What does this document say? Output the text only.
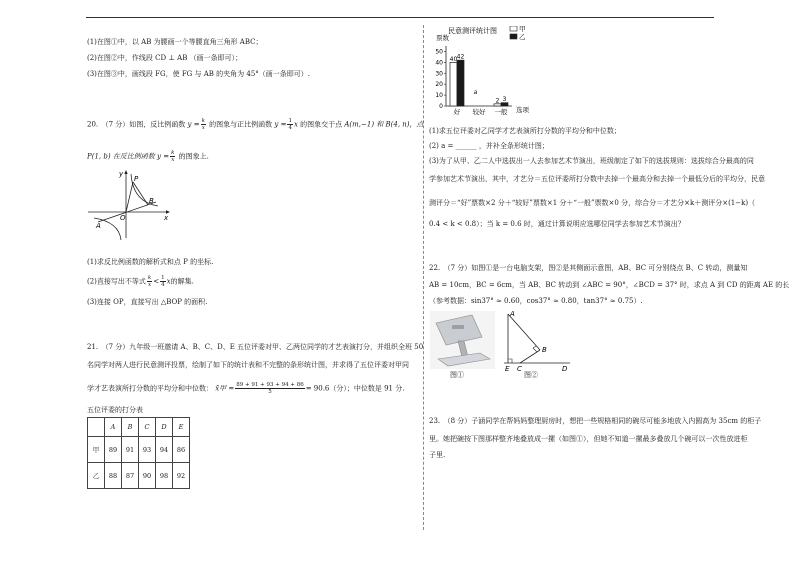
(1)在图①中，以 AB 为腰画一个等腰直角三角形 ABC；
(2)在图②中，作线段 CD ⊥ AB （画一条即可）；
(3)在图③中，画线段 FG，使 FG 与 AB 的夹角为 45°（画一条即可）.
20.　（7 分）如图，反比例函数 $y = \frac{k}{x}$ 的图象与正比例函数 $y = \frac{1}{4}$ x 的图象交于点 A(m,−1) 和 B(4, n)，点
P(1, b) 在反比例函数 $y = \frac{k}{x}$ 的图象上.
y
x
P
B
O
A
(1)求反比例函数的解析式和点 P 的坐标.
(2)直接写出不等式 $\frac{k}{x} < \frac{1}{4}$ x的解集.
(3)连接 OP，直接写出 △BOP 的面积.
21.　（7 分）九年级一班邀请 A、B、C、D、E 五位评委对甲、乙两位同学的才艺表演打分，并组织全班 50
名同学对两人进行民意测评投票，绘制了如下的统计表和不完整的条形统计图，并求得了五位评委对甲同
学才艺表演所打分数的平均分和中位数： x̄甲 = $\frac{89 + 91 + 93 + 94 + 86}{5} = 90.6$（分）；中位数是 91 分.
五位评委的打分表
	A	B	C	D	E
甲	89	91	93	94	86
乙	88	87	90	98	92
民意测评统计图
票数
甲
乙
0
10
20
30
40
50
好 较好 一般
40 42
a
2 3
选项
(1)求五位评委对乙同学才艺表演所打分数的平均分和中位数；
(2) a = ______ ，并补全条形统计图；
(3)为了从甲、乙二人中选拔出一人去参加艺术节演出，班级制定了如下的选拔规则：选拔综合分最高的同
学参加艺术节演出，其中，才艺分＝五位评委所打分数中去掉一个最高分和去掉一个最低分后的平均分，民意
测评分＝“好”票数×2 分＋“较好”票数×1 分＋“一般”票数×0 分，综合分＝才艺分×k＋测评分×(1−k)（
0.4 < k < 0.8）；当 k = 0.6 时，通过计算说明应选哪位同学去参加艺术节演出？
22.　（7 分）如图①是一台电脑支架，图②是其侧面示意图，AB、BC 可分别绕点 B、C 转动，测量知
AB = 10cm，BC = 6cm，当 AB、BC 转动到 ∠ABC = 90°，∠BCD = 37° 时，求点 A 到 CD 的距离 AE 的长
（参考数据：sin37° ≈ 0.60，cos37° ≈ 0.80，tan37° ≈ 0.75）.
图①
A
B
E C	D
图②
23.　（8 分）子涵同学在帮妈妈整理厨房时，想把一些规格相同的碗尽可能多地放入内圆高为 35cm 的柜子
里。她把碗按下图那样整齐地叠放成一摞（如图①），但她不知道一摞最多叠放几个碗可以一次性放进柜
子里.
